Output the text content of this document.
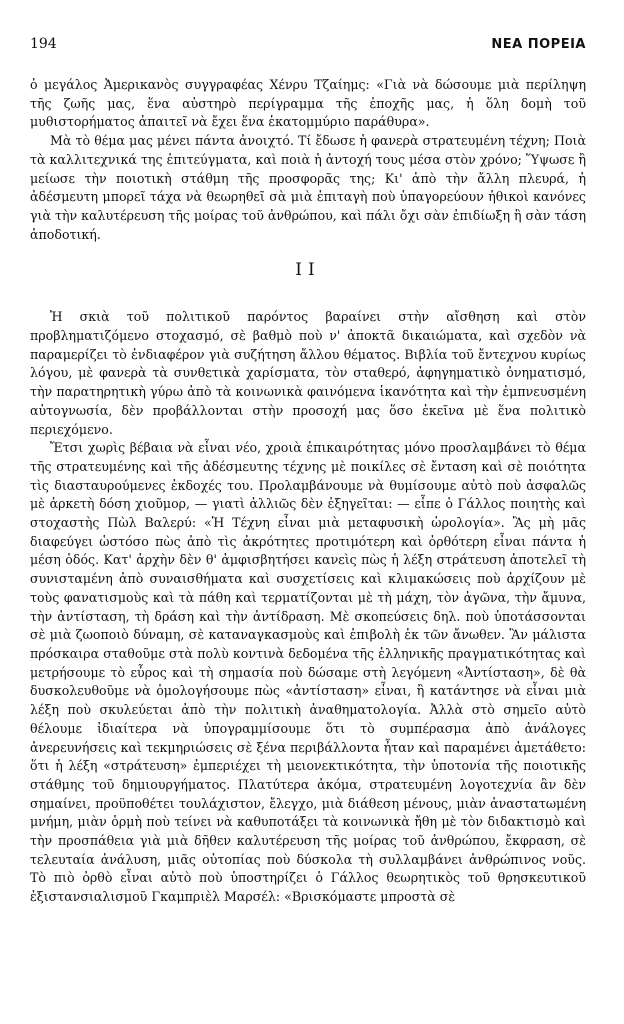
194	ΝΕΑ ΠΟΡΕΙΑ

ὁ μεγάλος Ἀμερικανὸς συγγραφέας Χένρυ Τζαίημς: «Γιὰ νὰ δώσουμε μιὰ περίληψη τῆς ζωῆς μας, ἕνα αὐστηρὸ περίγραμμα τῆς ἐποχῆς μας, ἡ ὅλη δομὴ τοῦ μυθιστορήματος ἀπαιτεῖ νὰ ἔχει ἕνα ἑκατομμύριο παράθυρα».

Μὰ τὸ θέμα μας μένει πάντα ἀνοιχτό. Τί ἔδωσε ἡ φανερὰ στρατευμένη τέχνη; Ποιὰ τὰ καλλιτεχνικά της ἐπιτεύγματα, καὶ ποιὰ ἡ ἀντοχή τους μέσα στὸν χρόνο; Ὕψωσε ἢ μείωσε τὴν ποιοτικὴ στάθμη τῆς προσφορᾶς της; Κι' ἀπὸ τὴν ἄλλη πλευρά, ἡ ἀδέσμευτη μπορεῖ τάχα νὰ θεωρηθεῖ σὰ μιὰ ἐπιταγὴ ποὺ ὑπαγορεύουν ἠθικοὶ κανόνες γιὰ τὴν καλυτέρευση τῆς μοίρας τοῦ ἀνθρώπου, καὶ πάλι ὄχι σὰν ἐπιδίωξη ἢ σὰν τάση ἀποδοτική.

II

Ἡ σκιὰ τοῦ πολιτικοῦ παρόντος βαραίνει στὴν αἴσθηση καὶ στὸν προβληματιζόμενο στοχασμό, σὲ βαθμὸ ποὺ ν' ἀποκτᾶ δικαιώματα, καὶ σχεδὸν νὰ παραμερίζει τὸ ἐνδιαφέρον γιὰ συζήτηση ἄλλου θέματος. Βιβλία τοῦ ἔντεχνου κυρίως λόγου, μὲ φανερὰ τὰ συνθετικὰ χαρίσματα, τὸν σταθερό, ἀφηγηματικὸ ὀνηματισμό, τὴν παρατηρητικὴ γύρω ἀπὸ τὰ κοινωνικὰ φαινόμενα ἱκανότητα καὶ τὴν ἐμπνευσμένη αὐτογνωσία, δὲν προβάλλονται στὴν προσοχή μας ὅσο ἐκεῖνα μὲ ἕνα πολιτικὸ περιεχόμενο.

Ἔτσι χωρὶς βέβαια νὰ εἶναι νέο, χροιὰ ἐπικαιρότητας μόνο προσλαμβάνει τὸ θέμα τῆς στρατευμένης καὶ τῆς ἀδέσμευτης τέχνης μὲ ποικίλες σὲ ἔνταση καὶ σὲ ποιότητα τὶς διασταυρούμενες ἐκδοχές του. Προλαμβάνουμε νὰ θυμίσουμε αὐτὸ ποὺ ἀσφαλῶς μὲ ἀρκετὴ δόση χιοῦμορ, — γιατὶ ἀλλιῶς δὲν ἐξηγεῖται: — εἶπε ὁ Γάλλος ποιητὴς καὶ στοχαστὴς Πὼλ Βαλερύ: «Ἡ Τέχνη εἶναι μιὰ μεταφυσικὴ ὡρολογία». Ἂς μὴ μᾶς διαφεύγει ὡστόσο πὼς ἀπὸ τὶς ἀκρότητες προτιμότερη καὶ ὀρθότερη εἶναι πάντα ἡ μέση ὁδός. Κατ' ἀρχὴν δὲν θ' ἀμφισβητήσει κανεὶς πὼς ἡ λέξη στράτευση ἀποτελεῖ τὴ συνισταμένη ἀπὸ συναισθήματα καὶ συσχετίσεις καὶ κλιμακώσεις ποὺ ἀρχίζουν μὲ τοὺς φανατισμοὺς καὶ τὰ πάθη καὶ τερματίζονται μὲ τὴ μάχη, τὸν ἀγῶνα, τὴν ἄμυνα, τὴν ἀντίσταση, τὴ δράση καὶ τὴν ἀντίδραση. Μὲ σκοπεύσεις δηλ. ποὺ ὑποτάσσονται σὲ μιὰ ζωοποιὸ δύναμη, σὲ καταναγκασμοὺς καὶ ἐπιβολὴ ἐκ τῶν ἄνωθεν. Ἂν μάλιστα πρόσκαιρα σταθοῦμε στὰ πολὺ κοντινὰ δεδομένα τῆς ἑλληνικῆς πραγματικότητας καὶ μετρήσουμε τὸ εὖρος καὶ τὴ σημασία ποὺ δώσαμε στὴ λεγόμενη «Ἀντίσταση», δὲ θὰ δυσκολευθοῦμε νὰ ὁμολογήσουμε πὼς «ἀντίσταση» εἶναι, ἢ κατάντησε νὰ εἶναι μιὰ λέξη ποὺ σκυλεύεται ἀπὸ τὴν πολιτικὴ ἀναθηματολογία. Ἀλλὰ στὸ σημεῖο αὐτὸ θέλουμε ἰδιαίτερα νὰ ὑπογραμμίσουμε ὅτι τὸ συμπέρασμα ἀπὸ ἀνάλογες ἀνερευνήσεις καὶ τεκμηριώσεις σὲ ξένα περιβάλλοντα ἦταν καὶ παραμένει ἀμετάθετο: ὅτι ἡ λέξη «στράτευση» ἐμπεριέχει τὴ μειονεκτικότητα, τὴν ὑποτονία τῆς ποιοτικῆς στάθμης τοῦ δημιουργήματος. Πλατύτερα ἀκόμα, στρατευμένη λογοτεχνία ἂν δὲν σημαίνει, προϋποθέτει τουλάχιστον, ἔλεγχο, μιὰ διάθεση μένους, μιὰν ἀναστατωμένη μνήμη, μιὰν ὁρμὴ ποὺ τείνει νὰ καθυποτάξει τὰ κοινωνικὰ ἤθη μὲ τὸν διδακτισμὸ καὶ τὴν προσπάθεια γιὰ μιὰ δῆθεν καλυτέρευση τῆς μοίρας τοῦ ἀνθρώπου, ἔκφραση, σὲ τελευταία ἀνάλυση, μιᾶς οὐτοπίας ποὺ δύσκολα τὴ συλλαμβάνει ἀνθρώπινος νοῦς. Τὸ πιὸ ὀρθὸ εἶναι αὐτὸ ποὺ ὑποστηρίζει ὁ Γάλλος θεωρητικὸς τοῦ θρησκευτικοῦ ἐξιστανσιαλισμοῦ Γκαμπριὲλ Μαρσέλ: «Βρισκόμαστε μπροστὰ σὲ
